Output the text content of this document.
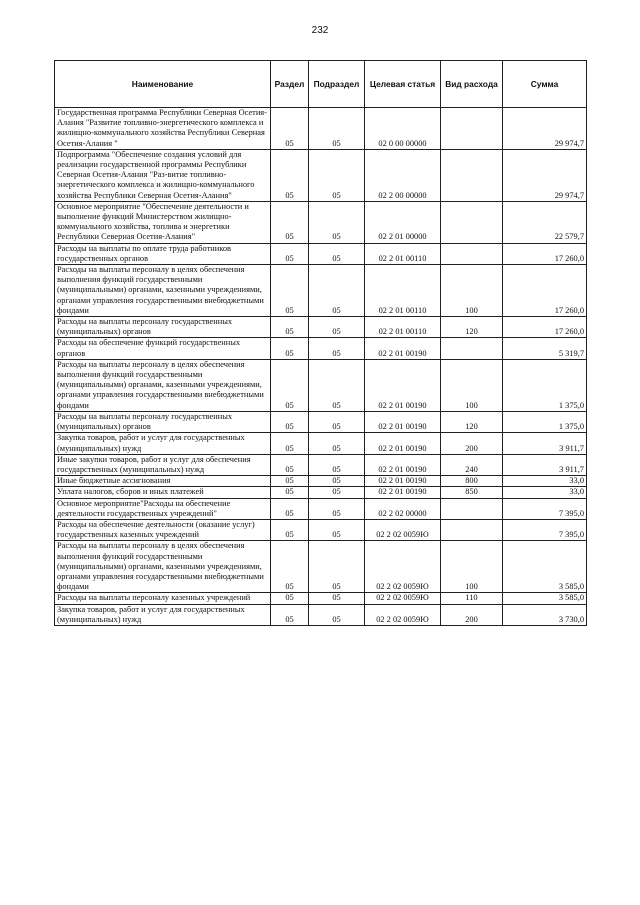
232
Наименование	Раздел	Подраздел	Целевая статья	Вид расхода	Сумма
Государственная программа Республики Северная Осетия-Алания "Развитие топливно-энергетического комплекса и жилищно-коммунального хозяйства Республики Северная Осетия-Алания "	05	05	02 0 00 00000		29 974,7
Подпрограмма "Обеспечение создания условий для реализации государственной программы Республики Северная Осетия-Алания "Раз-витие топливно-энергетического комплекса и жилищно-коммунального хозяйства Республики Северная Осетия-Алания"	05	05	02 2 00 00000		29 974,7
Основное мероприятие "Обеспечение деятельности и выполнение функций Министерством жилищно-коммунального хозяйства, топлива и энергетики Республики Северная Осетия-Алания"	05	05	02 2 01 00000		22 579,7
Расходы на выплаты по оплате труда работников государственных органов	05	05	02 2 01 00110		17 260,0
Расходы на выплаты персоналу в целях обеспечения выполнения функций государственными (муниципальными) органами, казенными учреждениями, органами управления государственными внебюджетными фондами	05	05	02 2 01 00110	100	17 260,0
Расходы на выплаты персоналу государственных (муниципальных) органов	05	05	02 2 01 00110	120	17 260,0
Расходы на обеспечение функций государственных органов	05	05	02 2 01 00190		5 319,7
Расходы на выплаты персоналу в целях обеспечения выполнения функций государственными (муниципальными) органами, казенными учреждениями, органами управления государственными внебюджетными фондами	05	05	02 2 01 00190	100	1 375,0
Расходы на выплаты персоналу государственных (муниципальных) органов	05	05	02 2 01 00190	120	1 375,0
Закупка товаров, работ и услуг для государственных (муниципальных) нужд	05	05	02 2 01 00190	200	3 911,7
Иные закупки товаров, работ и услуг для обеспечения государственных (муниципальных) нужд	05	05	02 2 01 00190	240	3 911,7
Иные бюджетные ассигнования	05	05	02 2 01 00190	800	33,0
Уплата налогов, сборов и иных платежей	05	05	02 2 01 00190	850	33,0
Основное мероприятие"Расходы на обеспечение деятельности государственных учреждений"	05	05	02 2 02 00000		7 395,0
Расходы на обеспечение деятельности (оказание услуг) государственных казенных учреждений	05	05	02 2 02 0059Ю		7 395,0
Расходы на выплаты персоналу в целях обеспечения выполнения функций государственными (муниципальными) органами, казенными учреждениями, органами управления государственными внебюджетными фондами	05	05	02 2 02 0059Ю	100	3 585,0
Расходы на выплаты персоналу казенных учреждений	05	05	02 2 02 0059Ю	110	3 585,0
Закупка товаров, работ и услуг для государственных (муниципальных) нужд	05	05	02 2 02 0059Ю	200	3 730,0
